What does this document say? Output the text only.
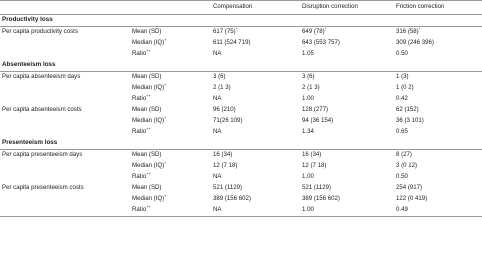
		Compensation	Disruption correction	Friction correction
Productivity loss				
Per capita productivity costs	Mean (SD)	617 (75)*	649 (78)*	316 (58)*
	Median (IQ)+	611 (524 719)	643 (553 757)	309 (246 396)
	Ratio++	NA	1.05	0.50
Absenteeism loss				
Per capita absenteeism days	Mean (SD)	3 (6)	3 (6)	1 (3)
	Median (IQ)+	2 (1 3)	2 (1 3)	1 (0 2)
	Ratio++	NA	1.00	0.42
Per capita absenteeism costs	Mean (SD)	96 (210)	128 (277)	62 (152)
	Median (IQ)+	71(26 109)	94 (36 154)	36 (3 101)
	Ratio++	NA	1.34	0.65
Presenteeism loss				
Per capita presenteeism days	Mean (SD)	16 (34)	16 (34)	8 (27)
	Median (IQ)+	12 (7 18)	12 (7 18)	3 (0 12)
	Ratio++	NA	1.00	0.50
Per capita presenteeism costs	Mean (SD)	521 (1129)	521 (1129)	254 (917)
	Median (IQ)+	389 (156 602)	389 (156 602)	122 (0 419)
	Ratio++	NA	1.00	0.49
